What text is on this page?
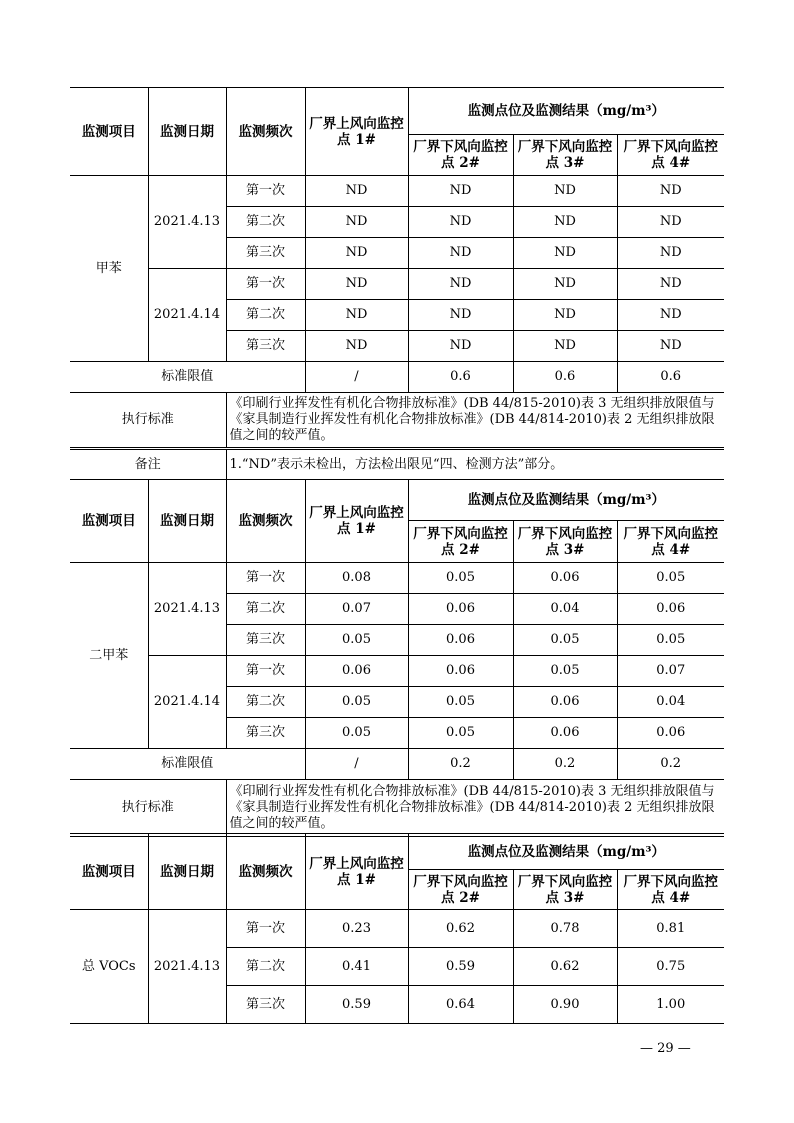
监测项目	监测日期	监测频次	厂界上风向监控点 1#	监测点位及监测结果（mg/m³）		
				厂界下风向监控点 2#	厂界下风向监控点 3#	厂界下风向监控点 4#
甲苯	2021.4.13	第一次	ND	ND	ND	ND
		第二次	ND	ND	ND	ND
		第三次	ND	ND	ND	ND
	2021.4.14	第一次	ND	ND	ND	ND
		第二次	ND	ND	ND	ND
		第三次	ND	ND	ND	ND
标准限值			/	0.6	0.6	0.6
执行标准		《印刷行业挥发性有机化合物排放标准》(DB 44/815-2010)表 3 无组织排放限值与《家具制造行业挥发性有机化合物排放标准》(DB 44/814-2010)表 2 无组织排放限值之间的较严值。				
备注	1.“ND”表示未检出，方法检出限见“四、检测方法”部分。
监测项目	监测日期	监测频次	厂界上风向监控点 1#	监测点位及监测结果（mg/m³）		
				厂界下风向监控点 2#	厂界下风向监控点 3#	厂界下风向监控点 4#
二甲苯	2021.4.13	第一次	0.08	0.05	0.06	0.05
		第二次	0.07	0.06	0.04	0.06
		第三次	0.05	0.06	0.05	0.05
	2021.4.14	第一次	0.06	0.06	0.05	0.07
		第二次	0.05	0.05	0.06	0.04
		第三次	0.05	0.05	0.06	0.06
标准限值			/	0.2	0.2	0.2
执行标准		《印刷行业挥发性有机化合物排放标准》(DB 44/815-2010)表 3 无组织排放限值与《家具制造行业挥发性有机化合物排放标准》(DB 44/814-2010)表 2 无组织排放限值之间的较严值。				
监测项目	监测日期	监测频次	厂界上风向监控点 1#	监测点位及监测结果（mg/m³）		
				厂界下风向监控点 2#	厂界下风向监控点 3#	厂界下风向监控点 4#
总 VOCs	2021.4.13	第一次	0.23	0.62	0.78	0.81
		第二次	0.41	0.59	0.62	0.75
		第三次	0.59	0.64	0.90	1.00
— 29 —
